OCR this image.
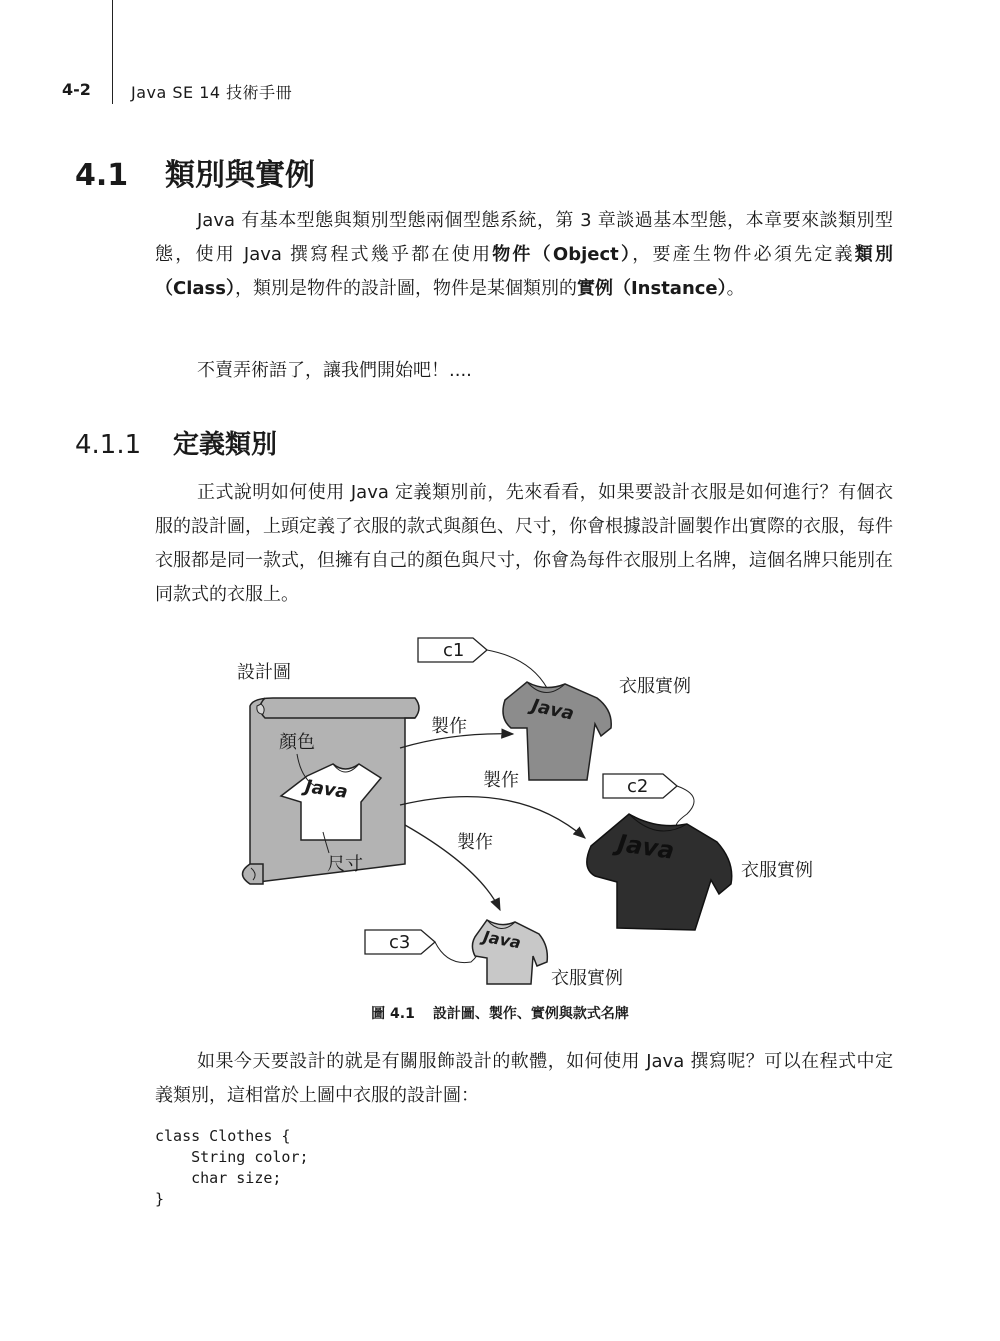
4-2	Java SE 14 技術手冊
4.1 類別與實例

Java 有基本型態與類別型態兩個型態系統，第 3 章談過基本型態，本章要來談類別型態，使用 Java 撰寫程式幾乎都在使用物件（Object），要產生物件必須先定義類別（Class），類別是物件的設計圖，物件是某個類別的實例（Instance）。

不賣弄術語了，讓我們開始吧！....

4.1.1 定義類別

正式說明如何使用 Java 定義類別前，先來看看，如果要設計衣服是如何進行？有個衣服的設計圖，上頭定義了衣服的款式與顏色、尺寸，你會根據設計圖製作出實際的衣服，每件衣服都是同一款式，但擁有自己的顏色與尺寸，你會為每件衣服別上名牌，這個名牌只能別在同款式的衣服上。

設計圖
Java
顏色
尺寸
製作
製作
製作
c1
Java
衣服實例
c2
Java
衣服實例
c3	Java
衣服實例
圖 4.1 設計圖、製作、實例與款式名牌

如果今天要設計的就是有關服飾設計的軟體，如何使用 Java 撰寫呢？可以在程式中定義類別，這相當於上圖中衣服的設計圖：

class Clothes {
String color;
char size;
}
